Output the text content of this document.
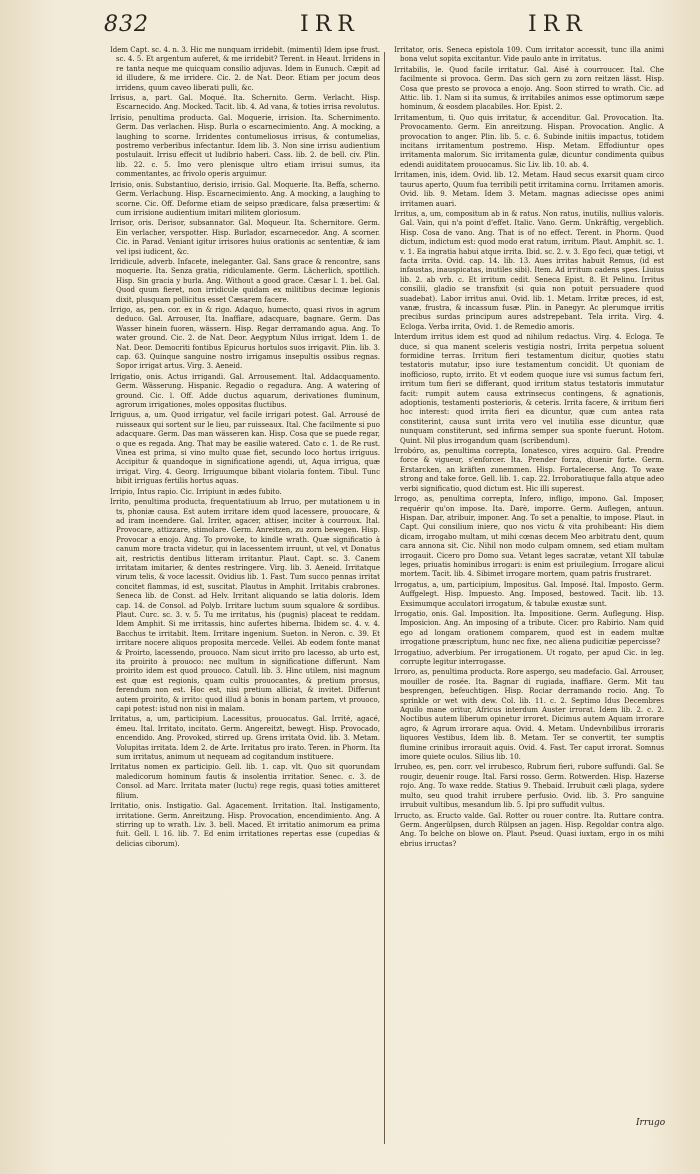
832	IRR	IRR

Idem Capt. sc. 4. n. 3. Hic me nunquam irridebit. (mimenti) Idem ipse frust. sc. 4. 5. Et argentum auferet, & me irridebit? Terent. in Heaut. Irridens in re tanta neque me quicquam consilio adjuvas. Idem in Eunuch. Cæpit ad id illudere, & me irridere. Cic. 2. de Nat. Deor. Etiam per jocum deos irridens, quum caveo liberati pulli, &c.

Irrisus, a, part. Gal. Moqué. Ita. Schernito. Germ. Verlacht. Hisp. Escarnecido. Ang. Mocked. Tacit. lib. 4. Ad vana, & toties irrisa revolutus.

Irrisio, penultima producta. Gal. Moquerie, irrision. Ita. Schernimento. Germ. Das verlachen. Hisp. Burla o escarnecimiento. Ang. A mocking, a laughing to scorne. Irridentes contumeliosus irrisus, & contumelias, postremo verberibus infectantur. Idem lib. 3. Non sine irrisu audientium postulauit. Irrisu effecit ut ludibrio haberi. Cass. lib. 2. de bell. civ. Plin. lib. 22. c. 5. Imo vero plenisque ultro etiam irrisui sumus, ita commentantes, ac frivolo operis arguimur.

Irrisio, onis. Substantiuo, derisio, irrisio. Gal. Moquerie. Ita. Beffa, scherno. Germ. Verlachung. Hisp. Escarnecimiento. Ang. A mocking, a laughing to scorne. Cic. Off. Deforme etiam de seipso prædicare, falsa præsertim: & cum irrisione audientium imitari militem gloriosum.

Irrisor, oris. Derisor, subsannator. Gal. Moqueur. Ita. Schernitore. Germ. Ein verlacher, verspotter. Hisp. Burlador, escarnecedor. Ang. A scorner. Cic. in Parad. Veniant igitur irrisores huius orationis ac sententiæ, & iam vel ipsi iudicent, &c.

Irridicule, adverb. Infacete, ineleganter. Gal. Sans grace & rencontre, sans moquerie. Ita. Senza gratia, ridiculamente. Germ. Lächerlich, spottlich. Hisp. Sin gracia y burla. Ang. Without a good grace. Cæsar l. 1. bel. Gal. Quod quum fieret, non irridicule quidam ex militibus decimæ legionis dixit, plusquam pollicitus esset Cæsarem facere.

Irrigo, as, pen. cor. ex in & rigo. Adaquo, humecto, quasi rivos in agrum deduco. Gal. Arrouser, Ita. Inaffiare, adacquare, bagnare. Germ. Das Wasser hinein fuoren, wässern. Hisp. Regar derramando agua. Ang. To water ground. Cic. 2. de Nat. Deor. Aegyptum Nilus irrigat. Idem 1. de Nat. Deor. Democriti fontibus Epicurus hortulos suos irrigavit. Plin. lib. 3. cap. 63. Quinque sanguine nostro irrigamus insepultis ossibus regnas. Sopor irrigat artus. Virg. 3. Aeneid.

Irrigatio, onis. Actus irrigandi. Gal. Arrousement. Ital. Addacquamento. Germ. Wässerung. Hispanic. Regadio o regadura. Ang. A watering of ground. Cic. l. Off. Adde ductus aquarum, derivationes fluminum, agrorum irrigationes, moles oppositas fluctibus.

Irriguus, a, um. Quod irrigatur, vel facile irrigari potest. Gal. Arrousé de ruisseaux qui sortent sur le lieu, par ruisseaux. Ital. Che facilmente si puo adacquare. Germ. Das man wässeren kan. Hisp. Cosa que se puede regar, o que es regada. Ang. That may be easilie watered. Cato c. 1. de Re rust. Vinea est prima, si vino multo quae fiet, secundo loco hortus irriguus. Accipitur & quandoque in significatione agendi, ut, Aqua irrigua, quæ irrigat. Virg. 4. Georg. Irriguumque bibant violaria fontem. Tibul. Tunc bibit irriguas fertilis hortus aquas.

Irripio, Intus rapio. Cic. Irripiunt in ædes fubito.

Irrito, penultima producta, frequentatiuum ab Irruo, per mutationem u in ts, phoniæ causa. Est autem irritare idem quod lacessere, prouocare, & ad iram incendere. Gal. Irriter, agacer, attiser, inciter à courroux. Ital. Provocare, attizzare, stimolare. Germ. Anreitzen, zu zorn bewegen. Hisp. Provocar a enojo. Ang. To provoke, to kindle wrath. Quæ significatio à canum more tracta videtur, qui in lacessentem irruunt, ut vel, vt Donatus ait, restrictis dentibus litteram irritantur. Plaut. Capt. sc. 3. Canem irritatam imitarier, & dentes restringere. Virg. lib. 3. Aeneid. Irritatque virum telis, & voce lacessit. Ovidius lib. 1. Fast. Tum succo pennas irritat concitet flammas, id est, suscitat. Plautus in Amphit. Irritabis crabrones. Seneca lib. de Const. ad Helv. Irritant aliquando se latia doloris. Idem cap. 14. de Consol. ad Polyb. Irritare luctum suum squalore & sordibus. Plaut. Curc. sc. 3. v. 5. Tu me irritatus, his (pugnis) placeat te reddam. Idem Amphit. Si me irritassis, hinc aufertes hiberna. Ibidem sc. 4. v. 4. Bacchus te irritabit. Item. Irritare ingenium. Sueton. in Neron. c. 39. Et irritare nocere aliquos proposita mercede. Vellei. Ab eodem fonte manat & Proirto, lacessendo, prouoco. Nam sicut irrito pro lacesso, ab urto est, ita proirito à prouoco: nec multum in significatione differunt. Nam proirito idem est quod prouoco. Catull. lib. 3. Hinc utilem, nisi magnum est quæ est regionis, quam cultis prouocantes, & pretium prorsus, ferendum non est. Hoc est, nisi pretium alliciat, & invitet. Differunt autem proirito, & irrito: quod illud à bonis in bonam partem, vt prouoco, capi potest: istud non nisi in malam.

Irritatus, a, um, participium. Lacessitus, prouocatus. Gal. Irrité, agacé, émeu. Ital. Irritato, incitato. Germ. Angereitzt, bewegt. Hisp. Provocado, encendido. Ang. Provoked, stirred up. Grens irritata Ovid. lib. 3. Metam. Volupitas irritata. Idem 2. de Arte. Irritatus pro irato. Teren. in Phorm. Ita sum irritatus, animum ut nequeam ad cogitandum instituere.

Irritatus nomen ex participio. Gell. lib. 1. cap. vlt. Quo sit quorundam maledicorum hominum fautis & insolentia irritatior. Senec. c. 3. de Consol. ad Marc. Irritata mater (luctu) rege regis, quasi toties amitteret filium.

Irritatio, onis. Instigatio. Gal. Agacement. Irritation. Ital. Instigamento, irritatione. Germ. Anreitzung. Hisp. Provocation, encendimiento. Ang. A stirring up to wrath. Liv. 3. bell. Maced. Et irritatio animorum ea prima fuit. Gell. l. 16. lib. 7. Ed enim irritationes repertas esse (cupedias & delicias ciborum).

Irritator, oris. Seneca epistola 109. Cum irritator accessit, tunc illa animi bona velut sopita excitantur. Vide paulo ante in irritatus.

Irritabilis, le. Quod facile irritatur. Gal. Aisé à courroucer. Ital. Che facilmente si provoca. Germ. Das sich gern zu zorn reitzen lässt. Hisp. Cosa que presto se provoca a enojo. Ang. Soon stirred to wrath. Cic. ad Attic. lib. 1. Nam si ita sumus, & irritabiles animos esse optimorum sæpe hominum, & eosdem placabiles. Hor. Epist. 2.

Irritamentum, ti. Quo quis irritatur, & accenditur. Gal. Provocation. Ita. Provocamento. Germ. Ein anreitzung. Hispan. Provocation. Anglic. A provocation to anger. Plin. lib. 5. c. 6. Subinde initiis impactus, totidem incitans irritamentum postremo. Hisp. Metam. Effodiuntur opes irritamenta malorum. Sic irritamenta gulæ, dicuntur condimenta quibus edendi auiditatem prouocamus. Sic Liv. lib. 10. ab. 4.

Irritamen, inis, idem. Ovid. lib. 12. Metam. Haud secus exarsit quam circo taurus aperto, Quum fua terribili petit irritamina cornu. Irritamen amoris. Ovid. lib. 9. Metam. Idem 3. Metam. magnas adiecisse opes animi irritamen auari.

Irritus, a, um, compositum ab in & ratus. Non ratus, inutilis, nullius valoris. Gal. Vain, qui n'a point d'effet. Italic. Vano. Germ. Unkräftig, vergeblich. Hisp. Cosa de vano. Ang. That is of no effect. Terent. in Phorm. Quod dictum, indictum est: quod modo erat ratum, irritum. Plaut. Amphit. sc. 1. v. 1. Ea ingratia habui atque irrita. Ibid. sc. 2. v. 3. Ego feci, quæ tetigi, vt facta irrita. Ovid. cap. 14. lib. 13. Aues irritas habuit Remus, (id est infaustas, inauspicatas, inutiles sibi). Item. Ad irritum cadens spes. Liuius lib. 2. ab vrb. c. Et irritum cedit. Seneca Epist. 8. Et Pelinu. Irritus consilii, gladio se transfixit (si quia non potuit persuadere quod suadebat). Labor irritus anui. Ovid. lib. 1. Metam. Irritæ preces, id est, vanæ, frustra, & incassum fusæ. Plin. in Panegyr. Ac plerumque irritis precibus surdas principum aures adstrepebant. Tela irrita. Virg. 4. Ecloga. Verba irrita, Ovid. 1. de Remedio amoris.

Interdum irritus idem est quod ad nihilum redactus. Virg. 4. Ecloga. Te duce, si qua manent sceleris vestigia nostri, Irrita perpetua soluent formidine terras. Irritum fieri testamentum dicitur, quoties statu testatoris mutatur, ipso iure testamentum concidit. Ut quoniam de inofficioso, rupto, irrito. Et vt eodem quoque iure vsi sumus factum feri, irritum tum fieri se differant, quod irritum status testatoris immutatur facit: rumpit autem causa extrinsecus contingens, & agnationis, adoptionis, testamenti posterioris, & ceteris. Irrita facere, & irritum fieri hoc interest: quod irrita fieri ea dicuntur, quæ cum antea rata constiterint, causa sunt irrita vero vel inutilia esse dicuntur, quæ nunquam constiterunt, sed infirma semper sua sponte fuerunt. Hotom. Quint. Nil plus irrogandum quam (scribendum).

Irrobóro, as, penultima correpta, Ionatesco, vires acquiro. Gal. Prendre force & vigueur, s'enforcer. Ita. Prender forza, diuenir forte. Germ. Erstarcken, an kräften zunemmen. Hisp. Fortalecerse. Ang. To waxe strong and take force. Gell. lib. 1. cap. 22. Irroboratiuque falla atque adeo verbi significatio, quod dictum est. Hic illi superest.

Irrogo, as, penultima correpta, Infero, infligo, impono. Gal. Imposer, requérir qu'on impose. Ita. Darè, imporre. Germ. Auflegen, antuun. Hispan. Dar, atribuir, imponer. Ang. To set a penaltie, to impose. Plaut. in Capt. Qui consilium iniere, quo nos victu & vita prohibeant: His diem dicam, irrogabo multam, ut mihi cœnas decem Meo arbitratu dent, quum cara annona sit. Cic. Nihil non modo culpam omnem, sed etiam multam irrogauit. Cicero pro Domo sua. Vetant leges sacratæ, vetant XII tabulæ leges, priuatis hominibus irrogari: is enim est priuilegium. Irrogare alicui mortem. Tacit. lib. 4. Sibimet irrogare mortem, quam patris frustraret.

Irrogatus, a, um, participium, Impositus. Gal. Imposé. Ital. Imposto. Germ. Auffgelegt. Hisp. Impuesto. Ang. Imposed, bestowed. Tacit. lib. 13. Exsimumque acculatori irrogatum, & tabulæ exustæ sunt.

Irrogatio, onis. Gal. Imposition. Ita. Impositione. Germ. Auflegung. Hisp. Imposicion. Ang. An imposing of a tribute. Cicer. pro Rabirio. Nam quid ego ad longam orationem comparem, quod est in eadem multæ irrogatione præscriptum, hunc nec fixe, nec aliena pudicitiæ pepercisse?

Irrogatiuo, adverbium. Per irrogationem. Ut rogato, per apud Cic. in leg. corrupte legitur interrogasse.

Irroro, as, penultima producta. Rore aspergo, seu madefacio. Gal. Arrouser, mouiller de rosée. Ita. Bagnar di rugiada, inaffiare. Germ. Mit tau besprengen, befeuchtigen. Hisp. Rociar derramando rocio. Ang. To sprinkle or wet with dew. Col. lib. 11. c. 2. Septimo Idus Decembres Aquilo mane oritur, Africus interdum Auster irrorat. Idem lib. 2. c. 2. Noctibus autem liberum opinetur irroret. Dicimus autem Aquam irrorare agro, & Agrum irrorare aqua. Ovid. 4. Metam. Undevnbilibus irroraris liquores Vestibus, Idem lib. 8. Metam. Ter se convertit, ter sumptis flumine crinibus irrorauit aquis. Ovid. 4. Fast. Ter caput irrorat. Somnus imore quiete oculos. Silius lib. 10.

Irrubeo, es, pen. corr. vel irrubesco, Rubrum fieri, rubore suffundi. Gal. Se rougir, deuenir rouge. Ital. Farsi rosso. Germ. Rotwerden. Hisp. Hazerse rojo. Ang. To waxe redde. Statius 9. Thebaid. Irrubuit cæli plaga, sydere multo, seu quod trahit irrubere perfusio. Ovid. lib. 3. Pro sanguine irrubuit vultibus, mesandum lib. 5. Ipi pro suffudit vultus.

Irructo, as. Eructo valde. Gal. Rotter ou rouer contre. Ita. Ruttare contra. Germ. Angerülpsen, durch Rülpsen an jagen. Hisp. Regoldar contra algo. Ang. To belche on blowe on. Plaut. Pseud. Quasi iuxtam, ergo in os mihi ebrius irructas?

Irrugo
